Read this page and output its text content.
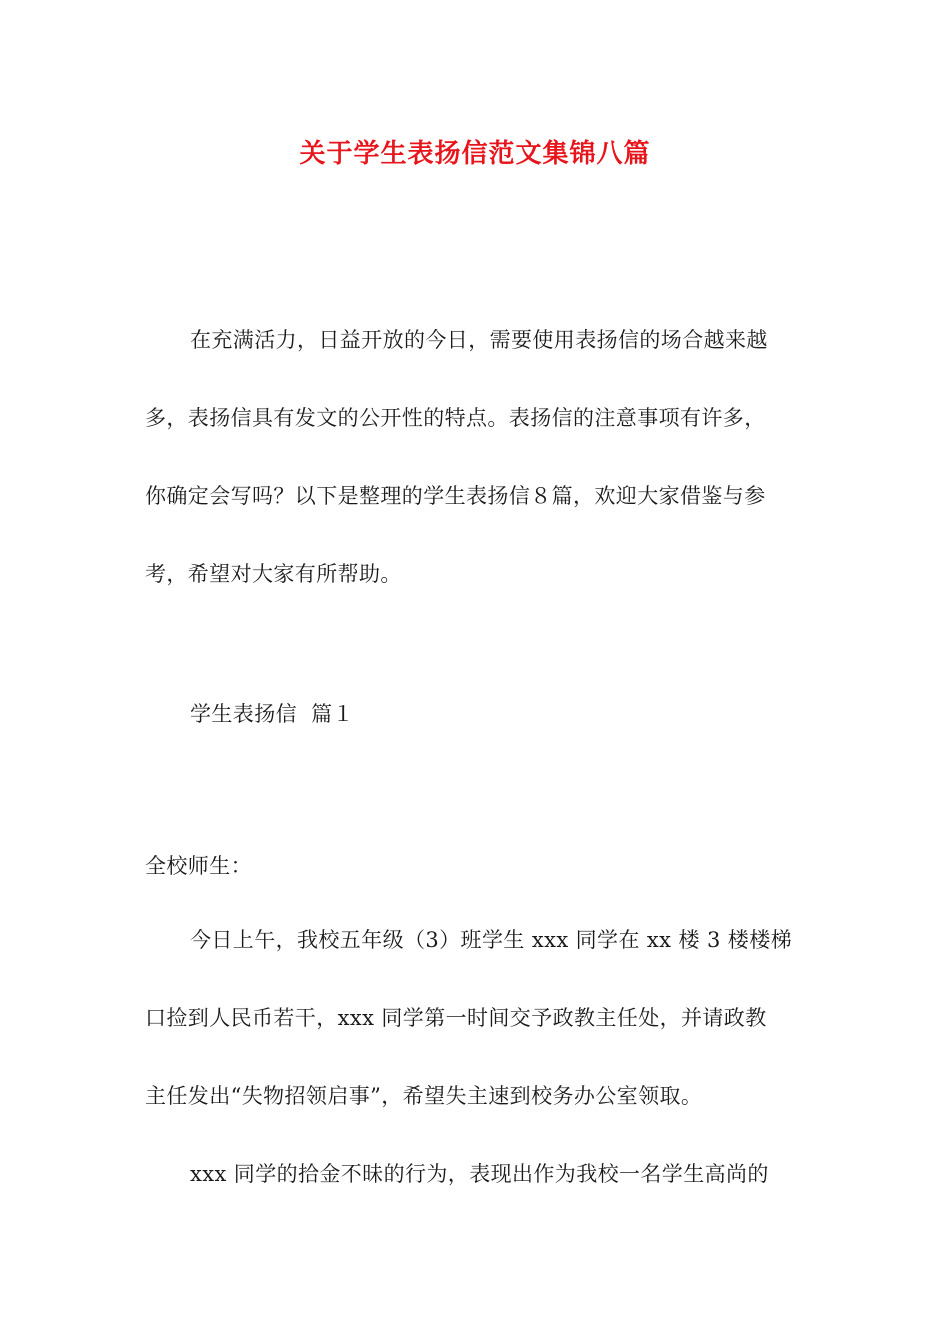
关于学生表扬信范文集锦八篇
在充满活力，日益开放的今日，需要使用表扬信的场合越来越
多，表扬信具有发文的公开性的特点。表扬信的注意事项有许多，
你确定会写吗？以下是整理的学生表扬信８篇，欢迎大家借鉴与参
考，希望对大家有所帮助。
学生表扬信  篇１
全校师生：
今日上午，我校五年级（3）班学生 xxx 同学在 xx 楼 3 楼楼梯
口捡到人民币若干，xxx 同学第一时间交予政教主任处，并请政教
主任发出“失物招领启事”，希望失主速到校务办公室领取。
xxx 同学的拾金不昧的行为，表现出作为我校一名学生高尚的
